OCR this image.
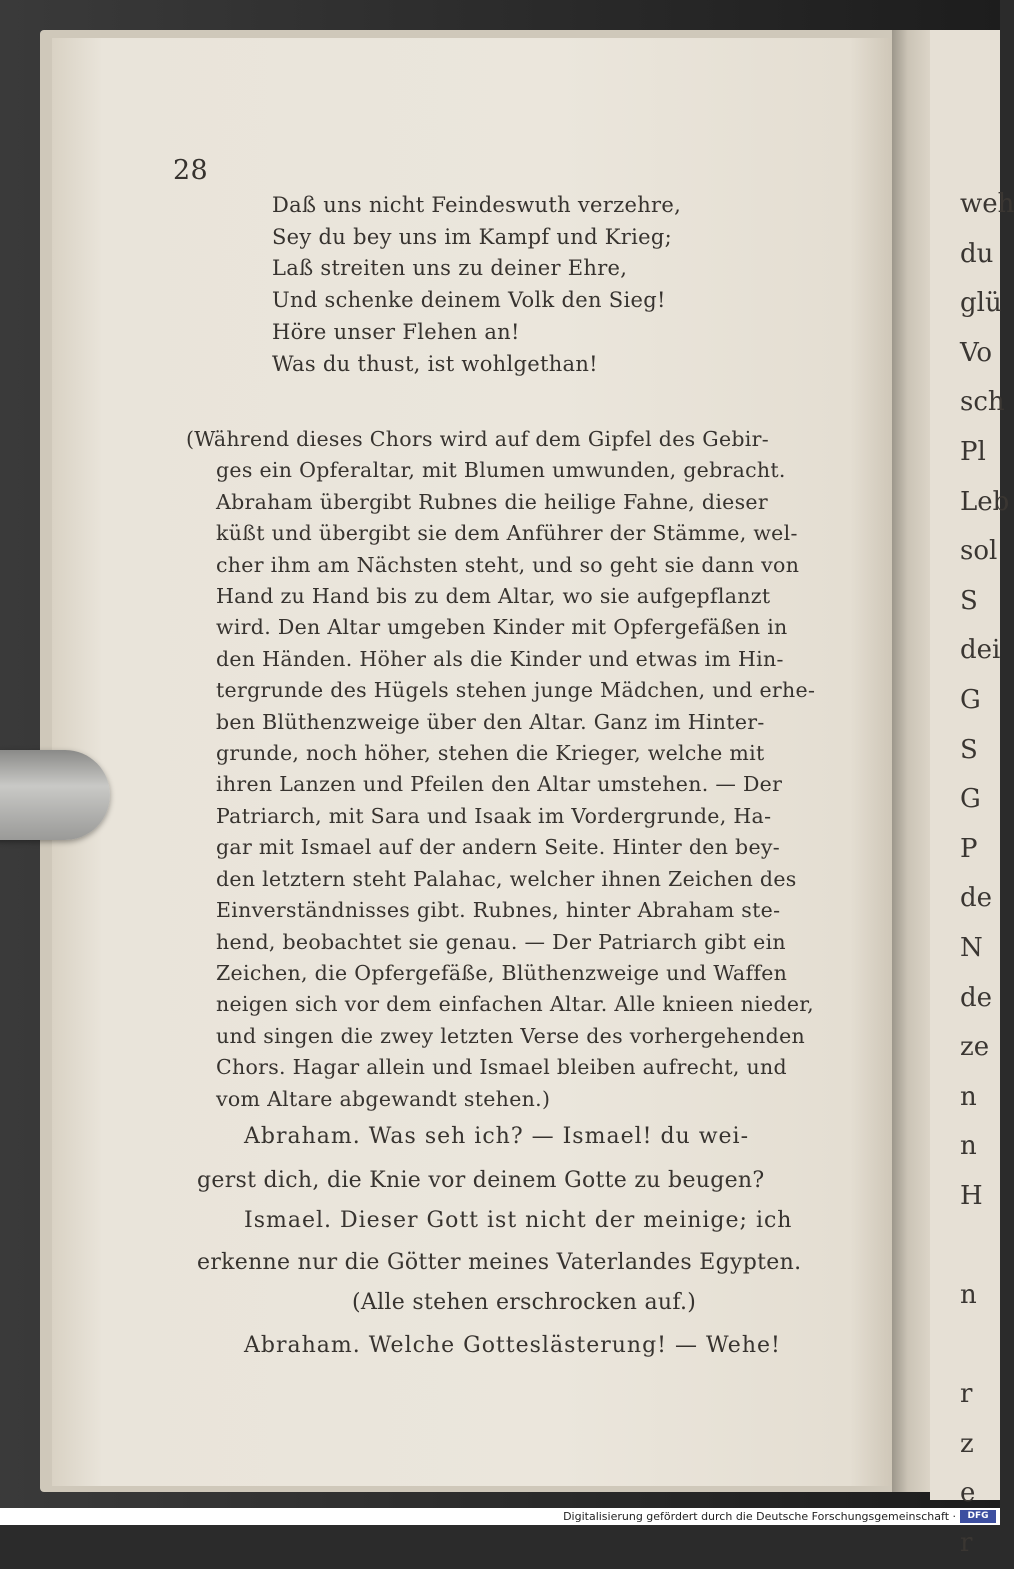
weh
du
glü
Vo
sch
Pl
Leb
sol
S
dei
G
S
G
P
de
N
de
ze
n
n
H

n

r
z
e
r
28
Daß uns nicht Feindeswuth verzehre,
Sey du bey uns im Kampf und Krieg;
Laß streiten uns zu deiner Ehre,
Und schenke deinem Volk den Sieg!
Höre unser Flehen an!
Was du thust, ist wohlgethan!
(Während dieses Chors wird auf dem Gipfel des Gebir-
ges ein Opferaltar, mit Blumen umwunden, gebracht.
Abraham übergibt Rubnes die heilige Fahne, dieser
küßt und übergibt sie dem Anführer der Stämme, wel-
cher ihm am Nächsten steht, und so geht sie dann von
Hand zu Hand bis zu dem Altar, wo sie aufgepflanzt
wird. Den Altar umgeben Kinder mit Opfergefäßen in
den Händen. Höher als die Kinder und etwas im Hin-
tergrunde des Hügels stehen junge Mädchen, und erhe-
ben Blüthenzweige über den Altar. Ganz im Hinter-
grunde, noch höher, stehen die Krieger, welche mit
ihren Lanzen und Pfeilen den Altar umstehen. — Der
Patriarch, mit Sara und Isaak im Vordergrunde, Ha-
gar mit Ismael auf der andern Seite. Hinter den bey-
den letztern steht Palahac, welcher ihnen Zeichen des
Einverständnisses gibt. Rubnes, hinter Abraham ste-
hend, beobachtet sie genau. — Der Patriarch gibt ein
Zeichen, die Opfergefäße, Blüthenzweige und Waffen
neigen sich vor dem einfachen Altar. Alle knieen nieder,
und singen die zwey letzten Verse des vorhergehenden
Chors. Hagar allein und Ismael bleiben aufrecht, und
vom Altare abgewandt stehen.)
Abraham. Was seh ich? — Ismael! du wei-
gerst dich, die Knie vor deinem Gotte zu beugen?
Ismael. Dieser Gott ist nicht der meinige; ich
erkenne nur die Götter meines Vaterlandes Egypten.
(Alle stehen erschrocken auf.)
Abraham. Welche Gotteslästerung! — Wehe!
Digitalisierung gefördert durch die Deutsche Forschungsgemeinschaft ·	DFG
